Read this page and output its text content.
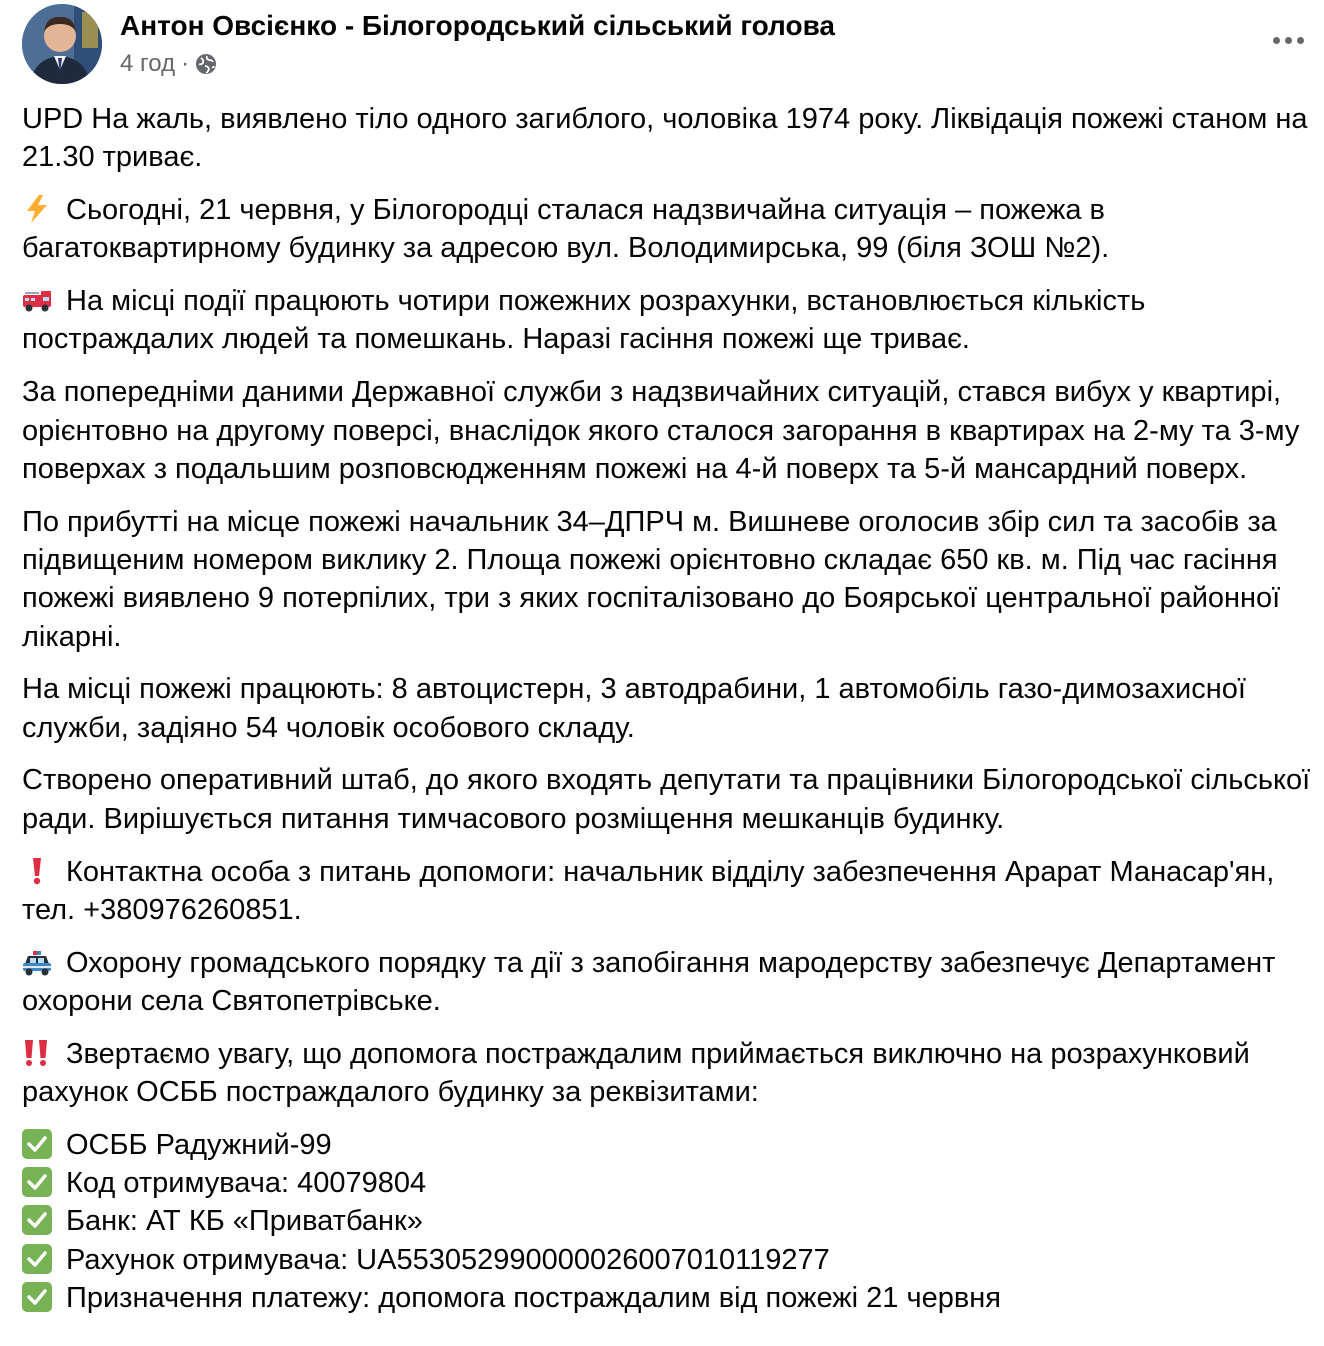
Антон Овсієнко - Білогородський сільський голова
4 год ·

UPD На жаль, виявлено тіло одного загиблого, чоловіка 1974 року. Ліквідація пожежі станом на 21.30 триває.

Сьогодні, 21 червня, у Білогородці сталася надзвичайна ситуація – пожежа в багатоквартирному будинку за адресою вул. Володимирська, 99 (біля ЗОШ №2).

На місці події працюють чотири пожежних розрахунки, встановлюється кількість постраждалих людей та помешкань. Наразі гасіння пожежі ще триває.

За попередніми даними Державної служби з надзвичайних ситуацій, стався вибух у квартирі, орієнтовно на другому поверсі, внаслідок якого сталося загорання в квартирах на 2-му та 3-му поверхах з подальшим розповсюдженням пожежі на 4-й поверх та 5-й мансардний поверх.

По прибутті на місце пожежі начальник 34–ДПРЧ м. Вишневе оголосив збір сил та засобів за підвищеним номером виклику 2. Площа пожежі орієнтовно складає 650 кв. м. Під час гасіння пожежі виявлено 9 потерпілих, три з яких госпіталізовано до Боярської центральної районної лікарні.

На місці пожежі працюють: 8 автоцистерн, 3 автодрабини, 1 автомобіль газо-димозахисної служби, задіяно 54 чоловік особового складу.

Створено оперативний штаб, до якого входять депутати та працівники Білогородської сільської ради. Вирішується питання тимчасового розміщення мешканців будинку.

Контактна особа з питань допомоги: начальник відділу забезпечення Арарат Манасар'ян, тел. +380976260851.

Охорону громадського порядку та дії з запобігання мародерству забезпечує Департамент охорони села Святопетрівське.

Звертаємо увагу, що допомога постраждалим приймається виключно на розрахунковий рахунок ОСББ постраждалого будинку за реквізитами:

ОСББ Радужний-99
Код отримувача: 40079804
Банк: АТ КБ «Приватбанк»
Рахунок отримувача: UA553052990000026007010119277
Призначення платежу: допомога постраждалим від пожежі 21 червня
